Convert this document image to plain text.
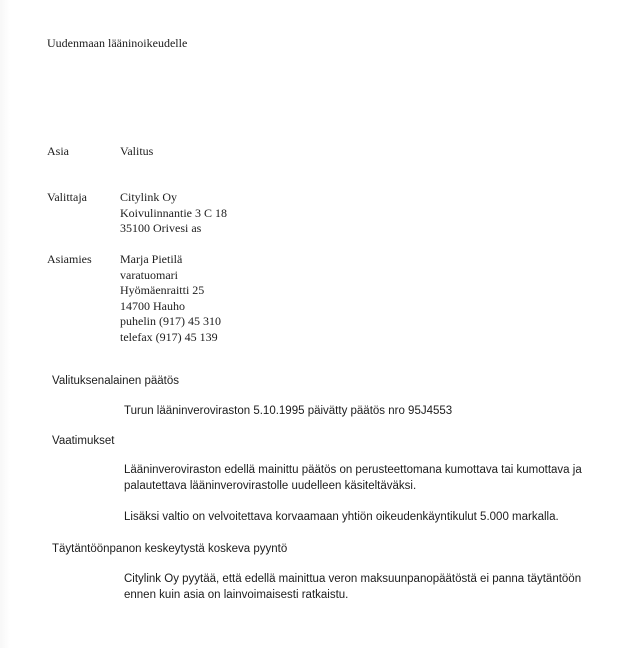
Uudenmaan lääninoikeudelle
Asia	Valitus
Valittaja	Citylink Oy
Koivulinnantie 3 C 18
35100 Orivesi as
Asiamies Marja Pietilä
varatuomari
Hyömäenraitti 25
14700 Hauho
puhelin (917) 45 310
telefax (917) 45 139
Valituksenalainen päätös
Turun lääninverov​iraston 5.10.1995 päivätty päätös nro 95J4553
Vaatimukset
Lääninverov​iraston edellä mainittu päätös on perusteettomana kumottava tai kumottava ja
palautettava lääninverov​irastolle uudelleen käsiteltäväksi.
Lisäksi valtio on velvoitettava korvaamaan yhtiön oikeudenkäyntikulut 5.000 markalla.
Täytäntöönpanon keskeytystä koskeva pyyntö
Citylink Oy pyytää, että edellä mainittua veron maksuunpanopäätöstä ei panna täytäntöön
ennen kuin asia on lainvoimaisesti ratkaistu.
